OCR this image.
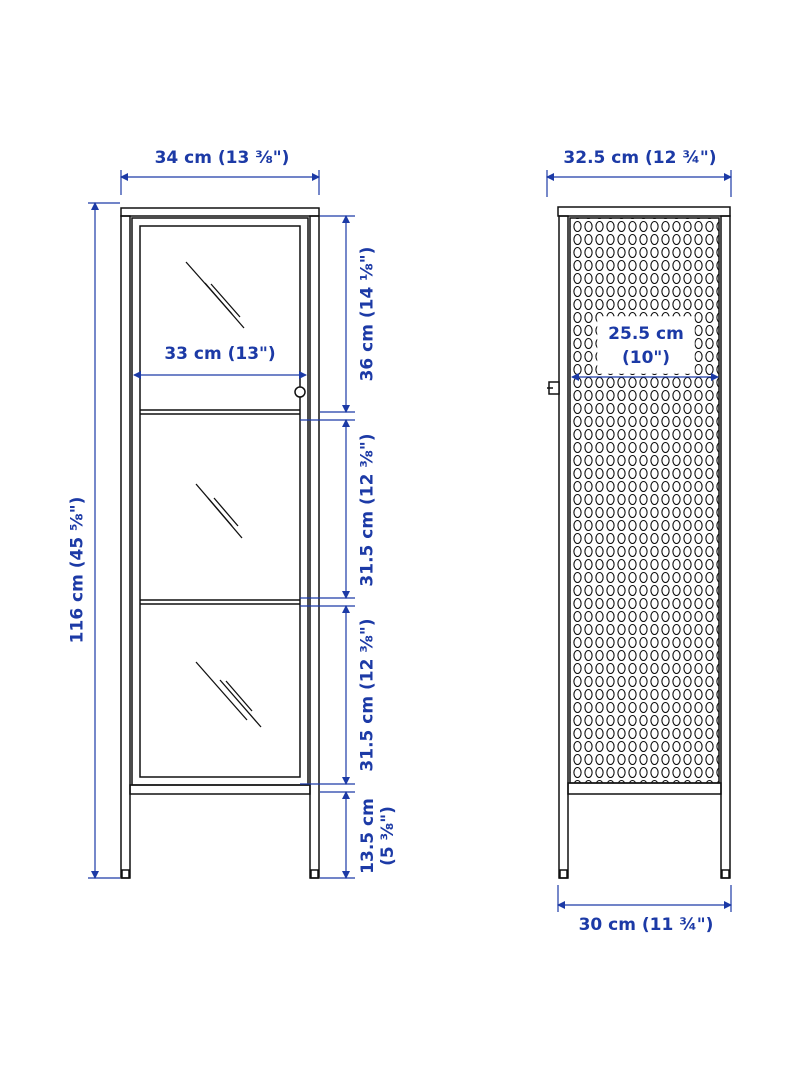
34 cm (13 ⅜")
33 cm (13")
116 cm (45 ⅝")
36 cm (14 ⅛")
31.5 cm (12 ⅜")
31.5 cm (12 ⅜")
13.5 cm (5 ⅜")
32.5 cm (12 ¾")
25.5 cm
(10")
30 cm (11 ¾")
